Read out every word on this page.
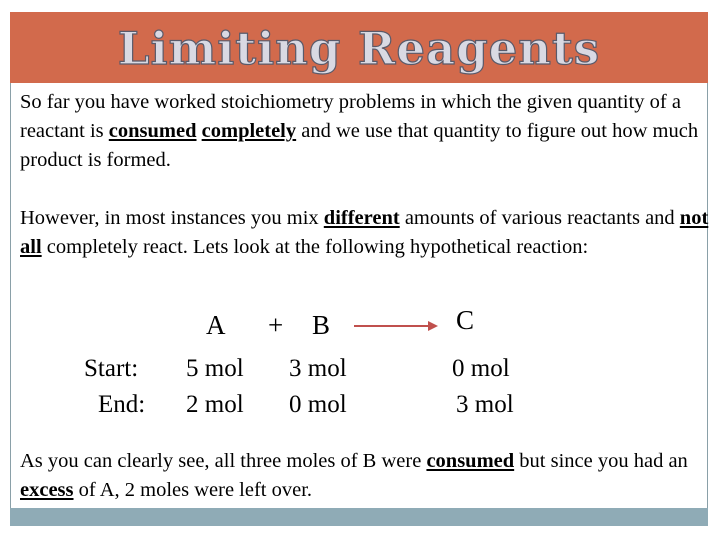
Limiting Reagents

So far you have worked stoichiometry problems in which the given quantity of a reactant is consumed completely and we use that quantity to figure out how much product is formed.

However, in most instances you mix different amounts of various reactants and not all completely react. Lets look at the following hypothetical reaction:

A + B	C
Start: 5 mol 3 mol	0 mol
End: 2 mol 0 mol	3 mol

As you can clearly see, all three moles of B were consumed but since you had an excess of A, 2 moles were left over.
